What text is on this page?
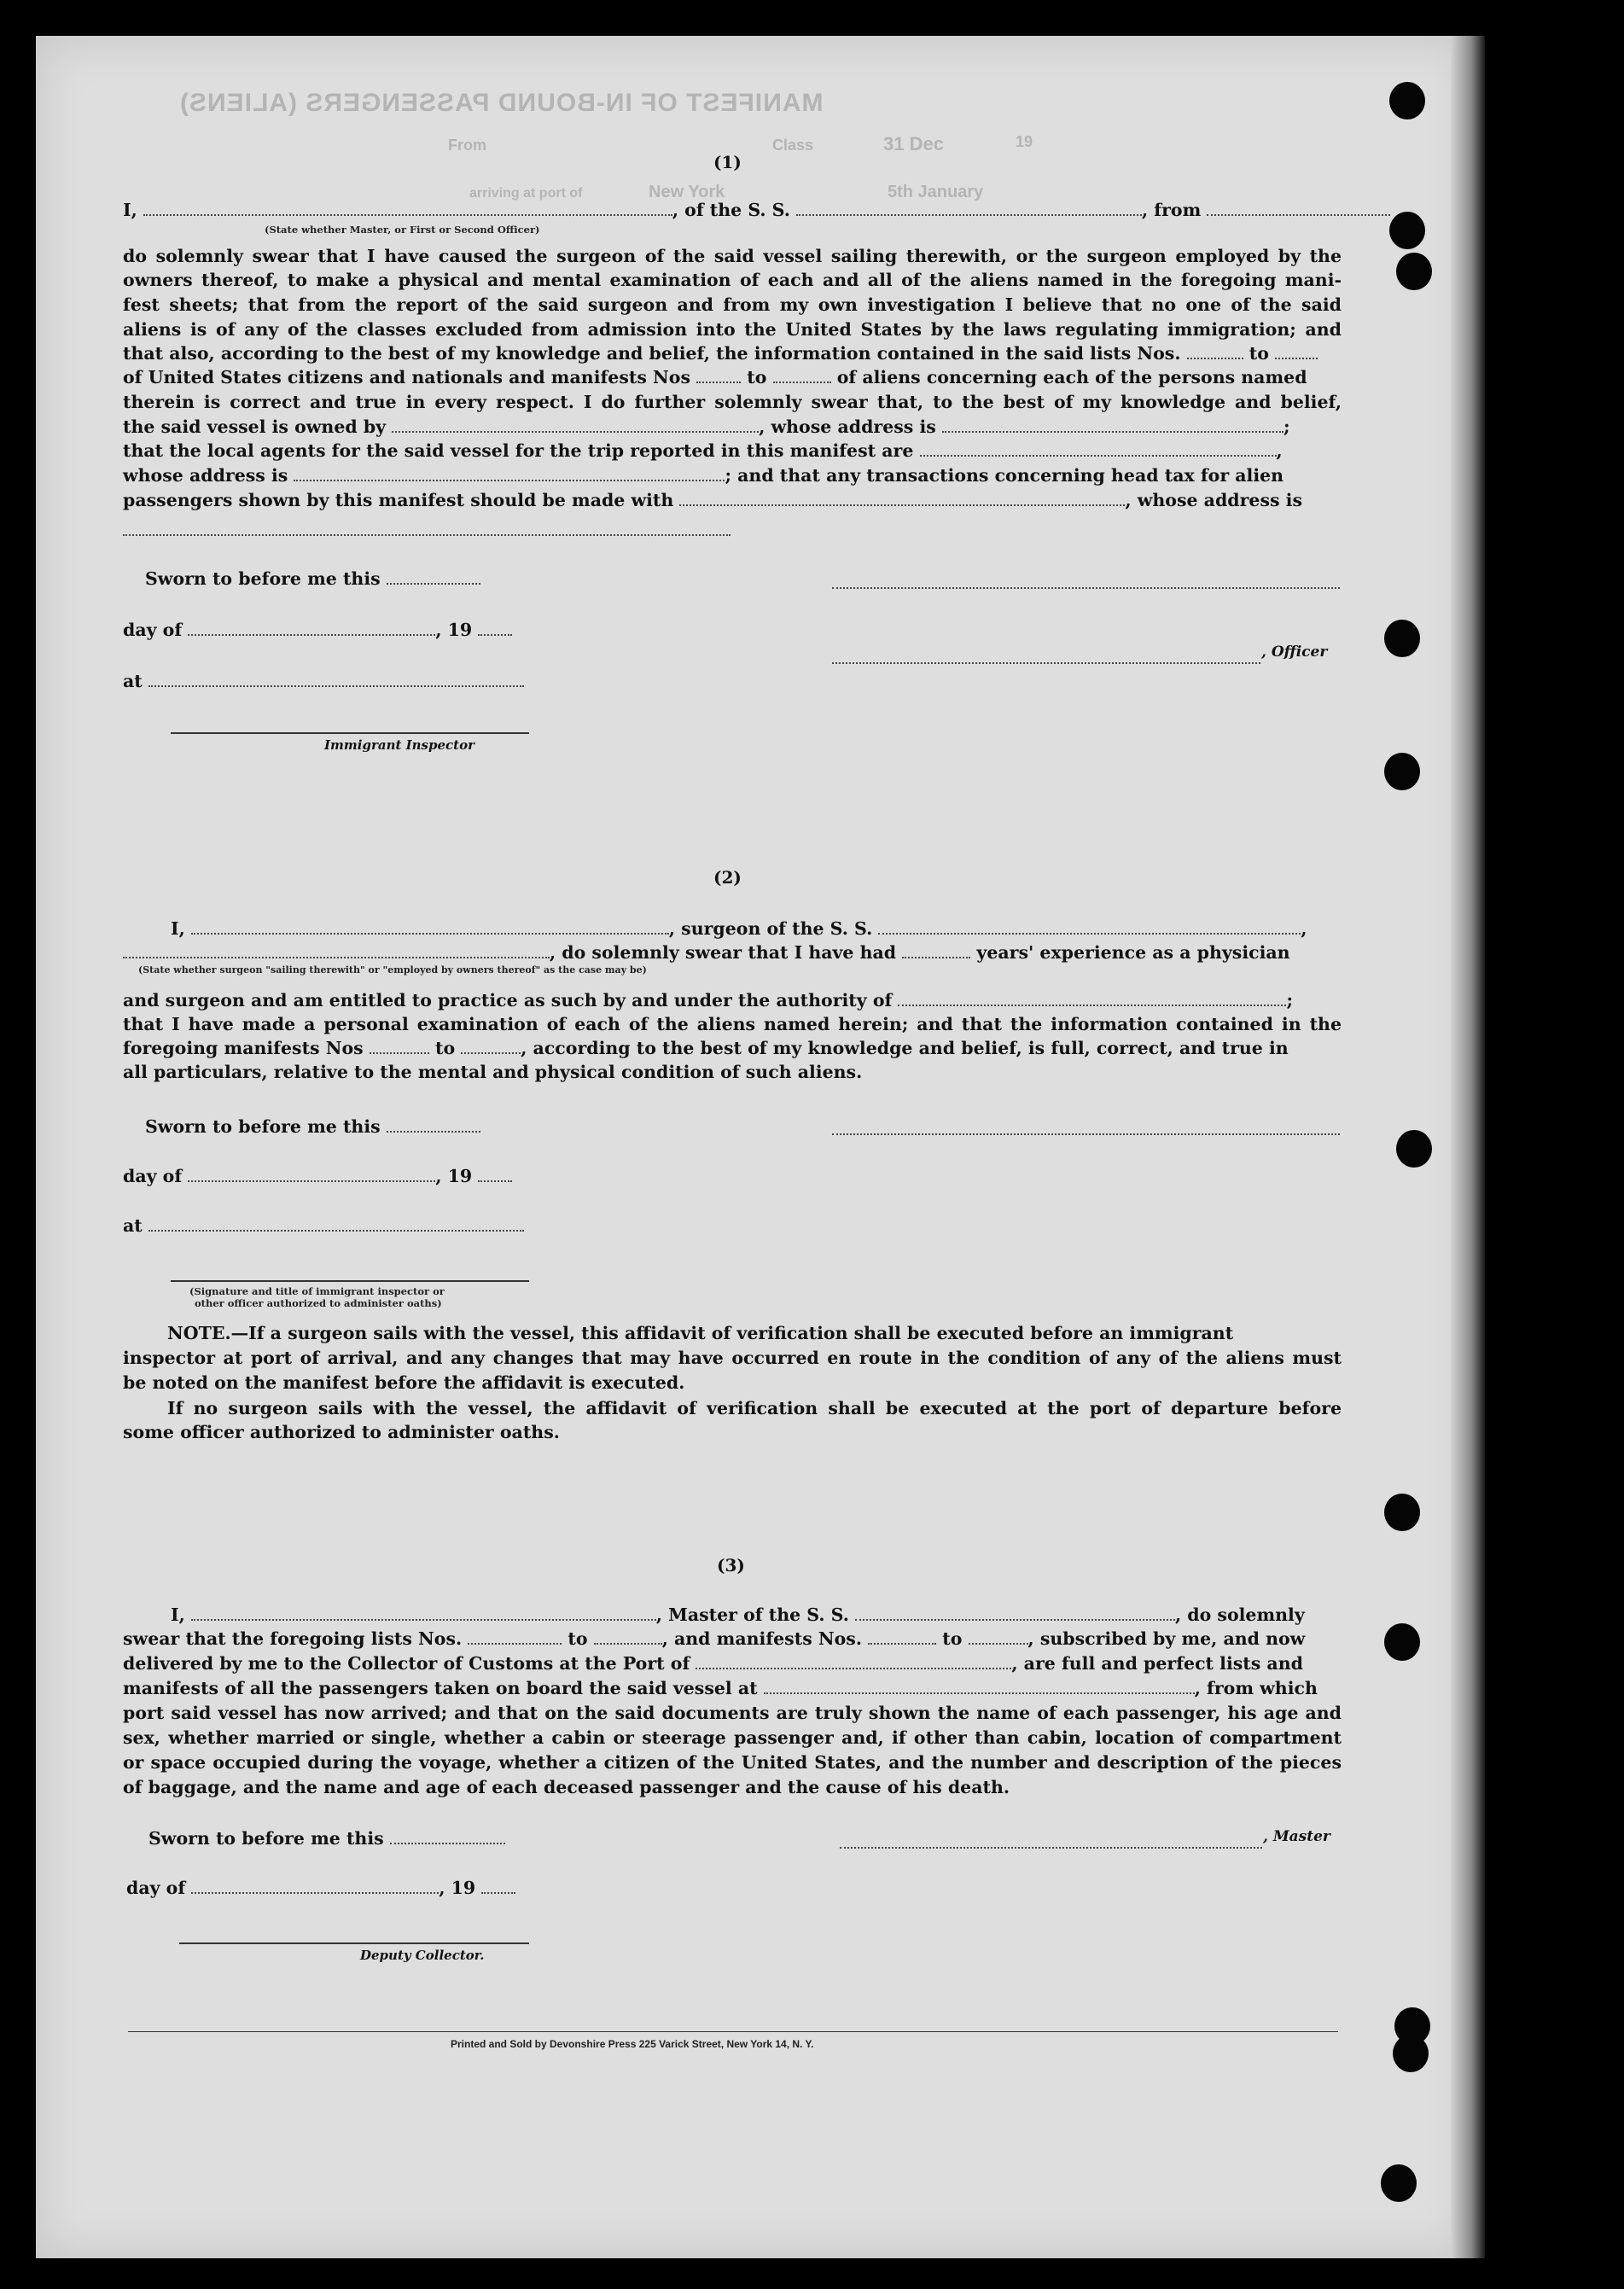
MANIFEST OF IN-BOUND PASSENGERS (ALIENS)
Class
From	31 Dec	19
arriving at port of	New York	5th January
(1)
I,	, of the S. S.	, from
(State whether Master, or First or Second Officer)
do solemnly swear that I have caused the surgeon of the said vessel sailing therewith, or the surgeon employed by the
owners thereof, to make a physical and mental examination of each and all of the aliens named in the foregoing mani-
fest sheets; that from the report of the said surgeon and from my own investigation I believe that no one of the said
aliens is of any of the classes excluded from admission into the United States by the laws regulating immigration; and
that also, according to the best of my knowledge and belief, the information contained in the said lists Nos.	to
of United States citizens and nationals and manifests Nos	to	of aliens concerning each of the persons named
therein is correct and true in every respect. I do further solemnly swear that, to the best of my knowledge and belief,
the said vessel is owned by	, whose address is	;
that the local agents for the said vessel for the trip reported in this manifest are	,
whose address is	; and that any transactions concerning head tax for alien
passengers shown by this manifest should be made with	, whose address is
Sworn to before me this
day of	, 19
, Officer
at
Immigrant Inspector
(2)
I,	, surgeon of the S. S.	,
, do solemnly swear that I have had	years' experience as a physician
(State whether surgeon "sailing therewith" or "employed by owners thereof" as the case may be)
and surgeon and am entitled to practice as such by and under the authority of	;
that I have made a personal examination of each of the aliens named herein; and that the information contained in the
foregoing manifests Nos	to	, according to the best of my knowledge and belief, is full, correct, and true in
all particulars, relative to the mental and physical condition of such aliens.
Sworn to before me this
day of	, 19
at
(Signature and title of immigrant inspector or
other officer authorized to administer oaths)
NOTE.—If a surgeon sails with the vessel, this affidavit of verification shall be executed before an immigrant
inspector at port of arrival, and any changes that may have occurred en route in the condition of any of the aliens must
be noted on the manifest before the affidavit is executed.
If no surgeon sails with the vessel, the affidavit of verification shall be executed at the port of departure before
some officer authorized to administer oaths.
(3)
I,	, Master of the S. S.	, do solemnly
swear that the foregoing lists Nos.	to	, and manifests Nos.	to	, subscribed by me, and now
delivered by me to the Collector of Customs at the Port of	, are full and perfect lists and
manifests of all the passengers taken on board the said vessel at	, from which
port said vessel has now arrived; and that on the said documents are truly shown the name of each passenger, his age and
sex, whether married or single, whether a cabin or steerage passenger and, if other than cabin, location of compartment
or space occupied during the voyage, whether a citizen of the United States, and the number and description of the pieces
of baggage, and the name and age of each deceased passenger and the cause of his death.
Sworn to before me this	, Master
day of	, 19
Deputy Collector.
Printed and Sold by Devonshire Press 225 Varick Street, New York 14, N. Y.
